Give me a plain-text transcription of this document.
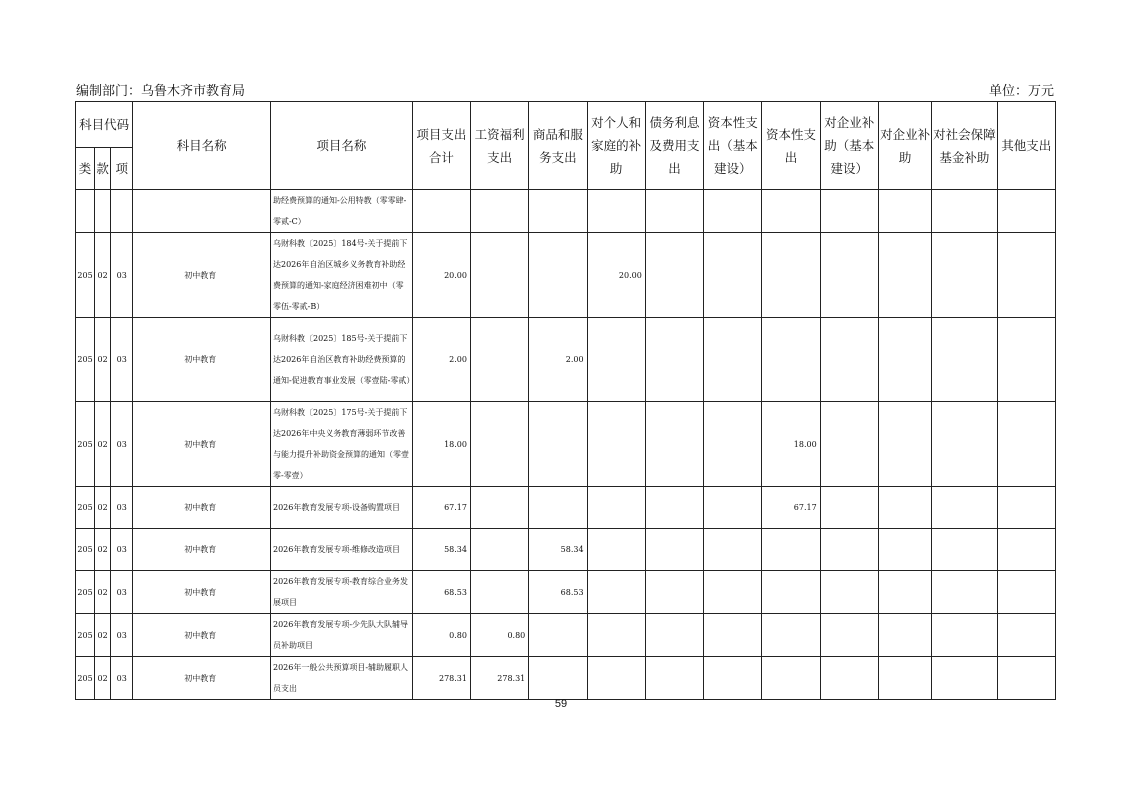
编制部门：乌鲁木齐市教育局	单位：万元
科目代码			科目名称	项目名称	项目支出合计	工资福利支出	商品和服务支出	对个人和家庭的补助	债务利息及费用支出	资本性支出（基本建设）	资本性支出	对企业补助（基本建设）	对企业补助	对社会保障基金补助	其他支出
类	款	项													
				助经费预算的通知-公用特教（零零肆-零贰-C）											
205	02	03	初中教育	乌财科教〔2025〕184号-关于提前下达2026年自治区城乡义务教育补助经费预算的通知-家庭经济困难初中（零零伍-零贰-B）	20.00			20.00							
205	02	03	初中教育	乌财科教〔2025〕185号-关于提前下达2026年自治区教育补助经费预算的通知-促进教育事业发展（零壹陆-零贰）	2.00		2.00								
205	02	03	初中教育	乌财科教〔2025〕175号-关于提前下达2026年中央义务教育薄弱环节改善与能力提升补助资金预算的通知（零壹零-零壹）	18.00						18.00				
205	02	03	初中教育	2026年教育发展专项-设备购置项目	67.17						67.17				
205	02	03	初中教育	2026年教育发展专项-维修改造项目	58.34		58.34								
205	02	03	初中教育	2026年教育发展专项-教育综合业务发展项目	68.53		68.53								
205	02	03	初中教育	2026年教育发展专项-少先队大队辅导员补助项目	0.80	0.80									
205	02	03	初中教育	2026年一般公共预算项目-辅助履职人员支出	278.31	278.31									
59
